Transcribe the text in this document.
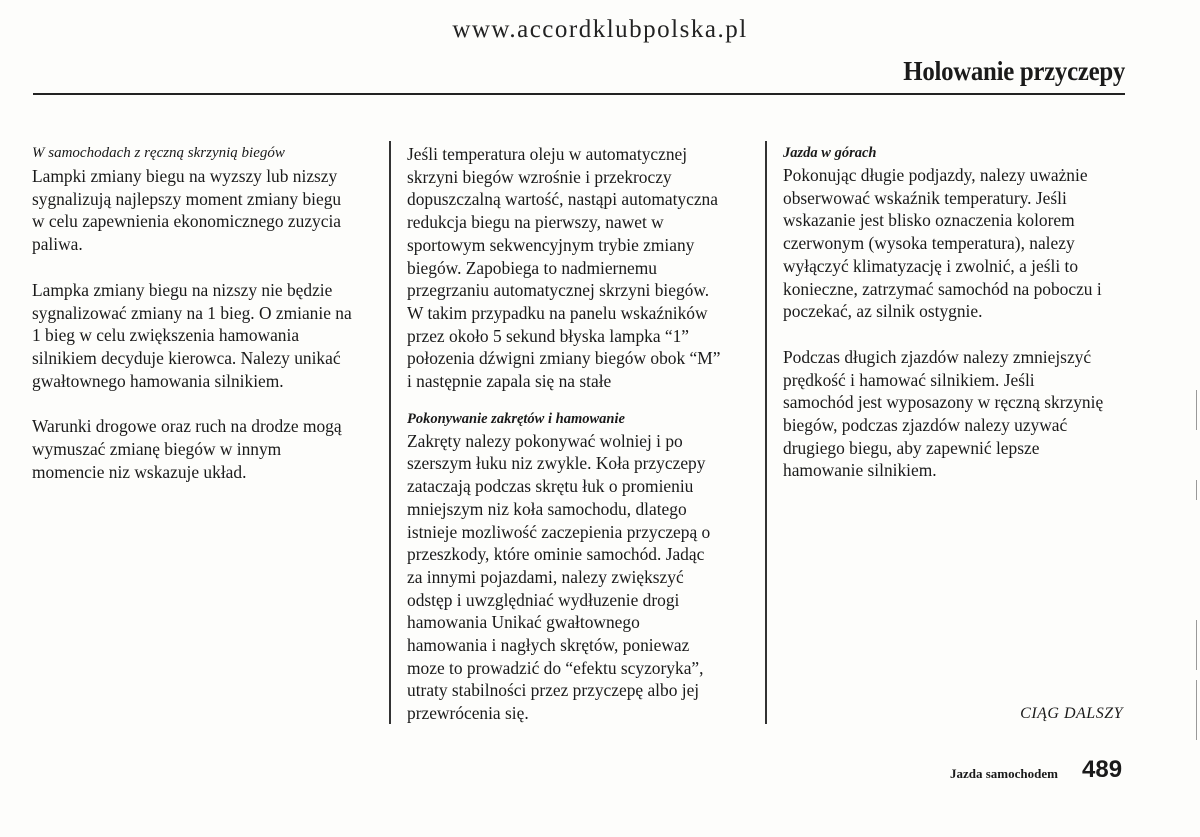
www.accordklubpolska.pl
Holowanie przyczepy
W samochodach z ręczną skrzynią biegów

Lampki zmiany biegu na wyzszy lub nizszy
sygnalizują najlepszy moment zmiany biegu
w celu zapewnienia ekonomicznego zuzycia
paliwa.

Lampka zmiany biegu na nizszy nie będzie
sygnalizować zmiany na 1 bieg. O zmianie na
1 bieg w celu zwiększenia hamowania
silnikiem decyduje kierowca. Nalezy unikać
gwałtownego hamowania silnikiem.

Warunki drogowe oraz ruch na drodze mogą
wymuszać zmianę biegów w innym
momencie niz wskazuje układ.

Jeśli temperatura oleju w automatycznej
skrzyni biegów wzrośnie i przekroczy
dopuszczalną wartość, nastąpi automatyczna
redukcja biegu na pierwszy, nawet w
sportowym sekwencyjnym trybie zmiany
biegów. Zapobiega to nadmiernemu
przegrzaniu automatycznej skrzyni biegów.
W takim przypadku na panelu wskaźników
przez około 5 sekund błyska lampka “1”
połozenia dźwigni zmiany biegów obok “M”
i następnie zapala się na stałe

Pokonywanie zakrętów i hamowanie

Zakręty nalezy pokonywać wolniej i po
szerszym łuku niz zwykle. Koła przyczepy
zataczają podczas skrętu łuk o promieniu
mniejszym niz koła samochodu, dlatego
istnieje mozliwość zaczepienia przyczepą o
przeszkody, które ominie samochód. Jadąc
za innymi pojazdami, nalezy zwiększyć
odstęp i uwzględniać wydłuzenie drogi
hamowania Unikać gwałtownego
hamowania i nagłych skrętów, poniewaz
moze to prowadzić do “efektu scyzoryka”,
utraty stabilności przez przyczepę albo jej
przewrócenia się.

Jazda w górach

Pokonując długie podjazdy, nalezy uważnie
obserwować wskaźnik temperatury. Jeśli
wskazanie jest blisko oznaczenia kolorem
czerwonym (wysoka temperatura), nalezy
wyłączyć klimatyzację i zwolnić, a jeśli to
konieczne, zatrzymać samochód na poboczu i
poczekać, az silnik ostygnie.

Podczas długich zjazdów nalezy zmniejszyć
prędkość i hamować silnikiem. Jeśli
samochód jest wyposazony w ręczną skrzynię
biegów, podczas zjazdów nalezy uzywać
drugiego biegu, aby zapewnić lepsze
hamowanie silnikiem.

CIĄG DALSZY
Jazda samochodem 489
